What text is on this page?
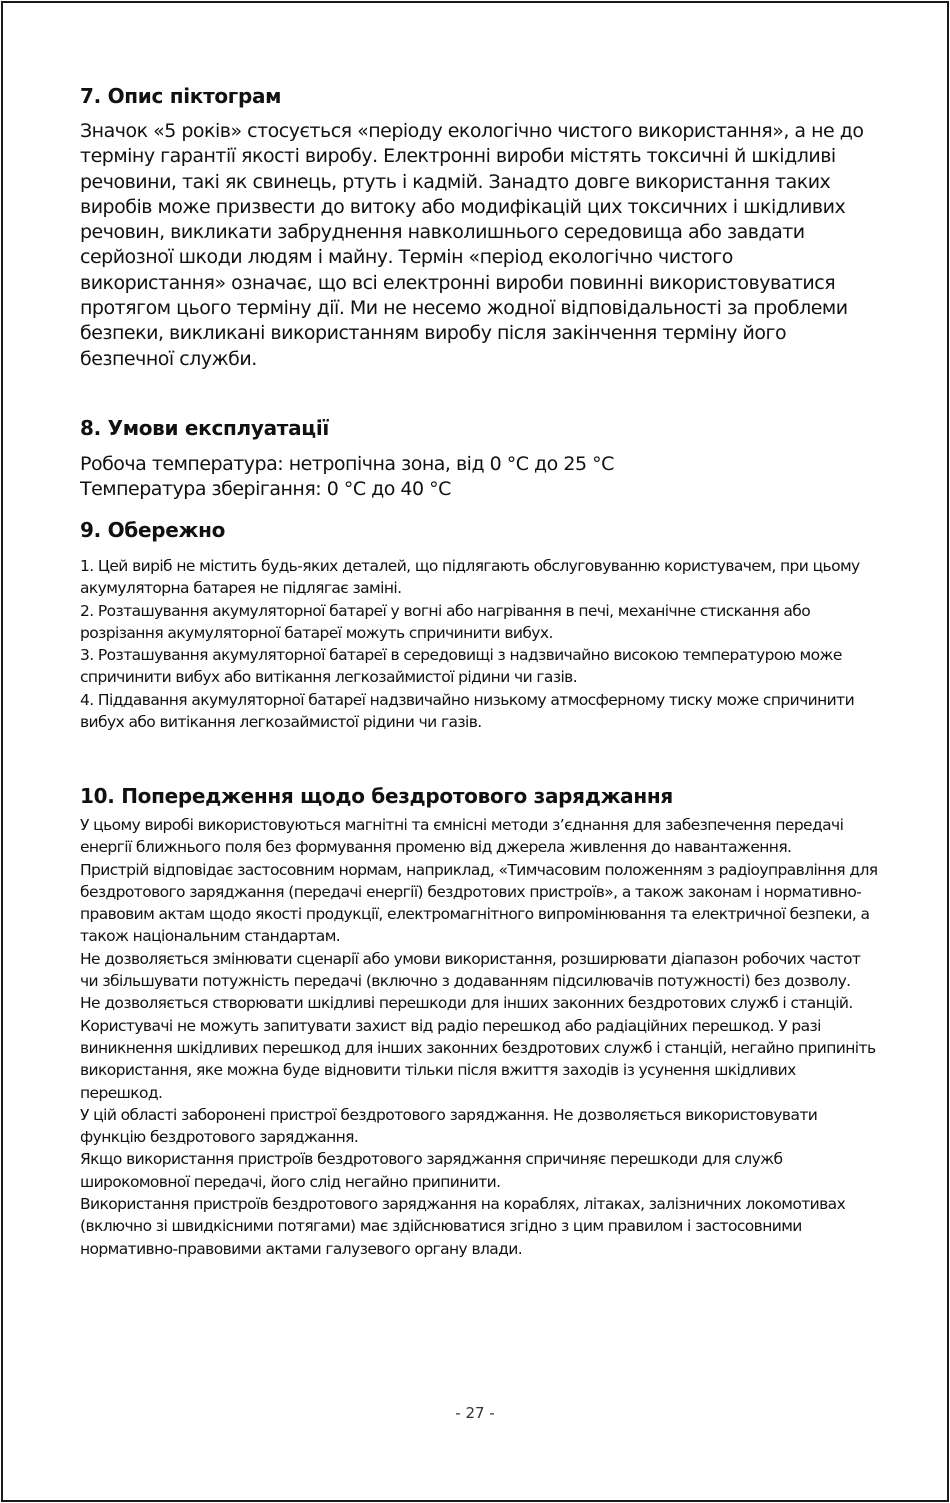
7. Опис піктограм

Значок «5 років» стосується «періоду екологічно чистого використання», а не до терміну гарантії якості виробу. Електронні вироби містять токсичні й шкідливі речовини, такі як свинець, ртуть і кадмій. Занадто довге використання таких виробів може призвести до витоку або модифікацій цих токсичних і шкідливих речовин, викликати забруднення навколишнього середовища або завдати серйозної шкоди людям і майну. Термін «період екологічно чистого використання» означає, що всі електронні вироби повинні використовуватися протягом цього терміну дії. Ми не несемо жодної відповідальності за проблеми безпеки, викликані використанням виробу після закінчення терміну його безпечної служби.

8. Умови експлуатації

Робоча температура: нетропічна зона, від 0 °C до 25 °C

Температура зберігання: 0 °C до 40 °C

9. Обережно

1. Цей виріб не містить будь-яких деталей, що підлягають обслуговуванню користувачем, при цьому акумуляторна батарея не підлягає заміні.

2. Розташування акумуляторної батареї у вогні або нагрівання в печі, механічне стискання або розрізання акумуляторної батареї можуть спричинити вибух.

3. Розташування акумуляторної батареї в середовищі з надзвичайно високою температурою може спричинити вибух або витікання легкозаймистої рідини чи газів.

4. Піддавання акумуляторної батареї надзвичайно низькому атмосферному тиску може спричинити вибух або витікання легкозаймистої рідини чи газів.

10. Попередження щодо бездротового заряджання

У цьому виробі використовуються магнітні та ємнісні методи з’єднання для забезпечення передачі енергії ближнього поля без формування променю від джерела живлення до навантаження.

Пристрій відповідає застосовним нормам, наприклад, «Тимчасовим положенням з радіоуправління для бездротового заряджання (передачі енергії) бездротових пристроїв», а також законам і нормативно-правовим актам щодо якості продукції, електромагнітного випромінювання та електричної безпеки, а також національним стандартам.

Не дозволяється змінювати сценарії або умови використання, розширювати діапазон робочих частот чи збільшувати потужність передачі (включно з додаванням підсилювачів потужності) без дозволу.

Не дозволяється створювати шкідливі перешкоди для інших законних бездротових служб і станцій. Користувачі не можуть запитувати захист від радіо перешкод або радіаційних перешкод. У разі виникнення шкідливих перешкод для інших законних бездротових служб і станцій, негайно припиніть використання, яке можна буде відновити тільки після вжиття заходів із усунення шкідливих перешкод.

У цій області заборонені пристрої бездротового заряджання. Не дозволяється використовувати функцію бездротового заряджання.

Якщо використання пристроїв бездротового заряджання спричиняє перешкоди для служб широкомовної передачі, його слід негайно припинити.

Використання пристроїв бездротового заряджання на кораблях, літаках, залізничних локомотивах (включно зі швидкісними потягами) має здійснюватися згідно з цим правилом і застосовними нормативно-правовими актами галузевого органу влади.

- 27 -
